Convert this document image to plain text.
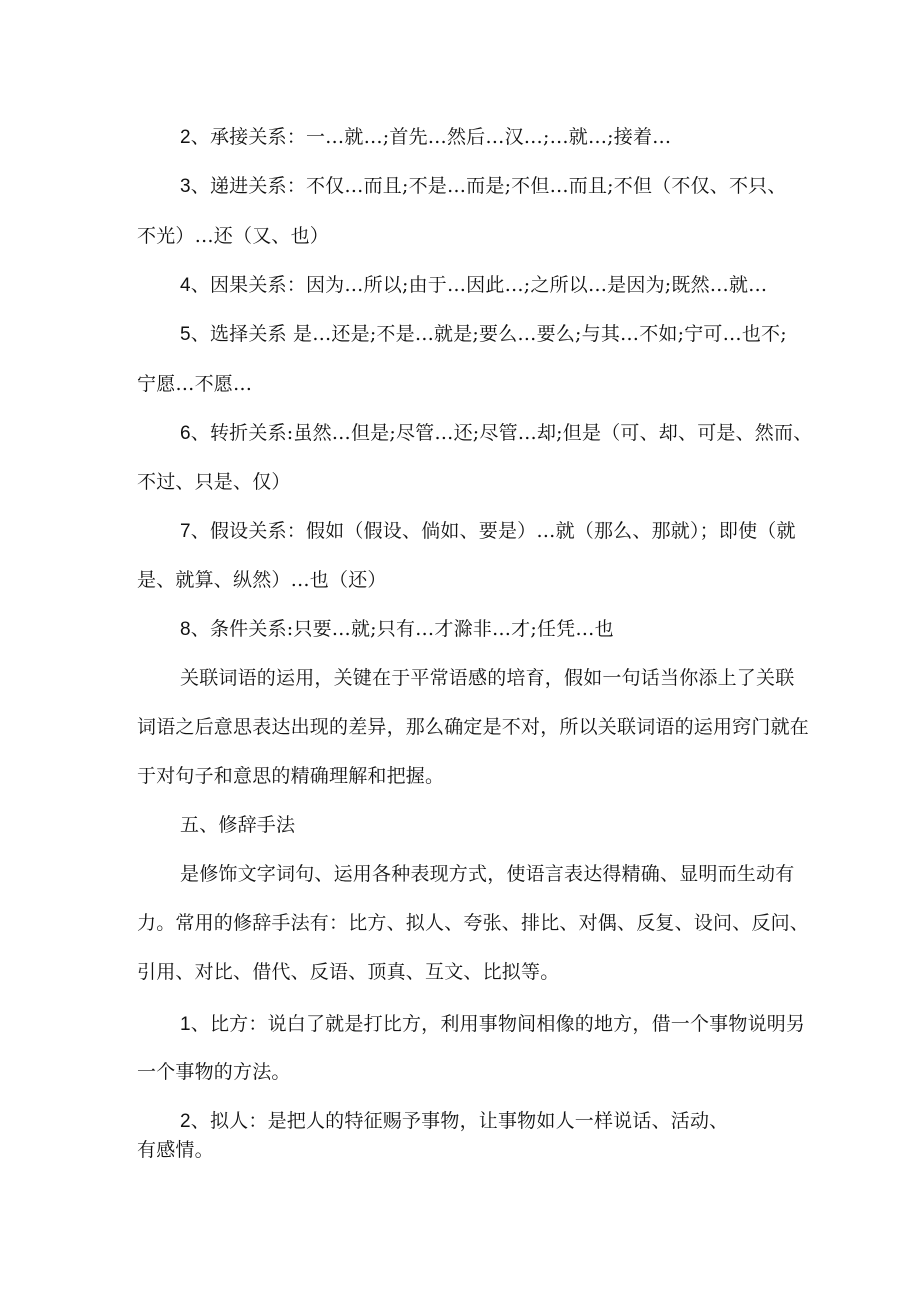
2、承接关系：一…就…;首先…然后…汉…;…就…;接着…
3、递进关系：不仅…而且;不是…而是;不但…而且;不但（不仅、不只、
不光）…还（又、也）
4、因果关系：因为…所以;由于…因此…;之所以…是因为;既然…就…
5、选择关系 是…还是;不是…就是;要么…要么;与其…不如;宁可…也不;
宁愿…不愿…
6、转折关系:虽然…但是;尽管…还;尽管…却;但是（可、却、可是、然而、
不过、只是、仅）
7、假设关系：假如（假设、倘如、要是）…就（那么、那就）；即使（就
是、就算、纵然）…也（还）
8、条件关系:只要…就;只有…才滁非…才;任凭…也
关联词语的运用，关键在于平常语感的培育，假如一句话当你添上了关联
词语之后意思表达出现的差异，那么确定是不对，所以关联词语的运用窍门就在
于对句子和意思的精确理解和把握。
五、修辞手法
是修饰文字词句、运用各种表现方式，使语言表达得精确、显明而生动有
力。常用的修辞手法有：比方、拟人、夸张、排比、对偶、反复、设问、反问、
引用、对比、借代、反语、顶真、互文、比拟等。
1、比方：说白了就是打比方，利用事物间相像的地方，借一个事物说明另
一个事物的方法。
2、拟人：是把人的特征赐予事物，让事物如人一样说话、活动、
有感情。
